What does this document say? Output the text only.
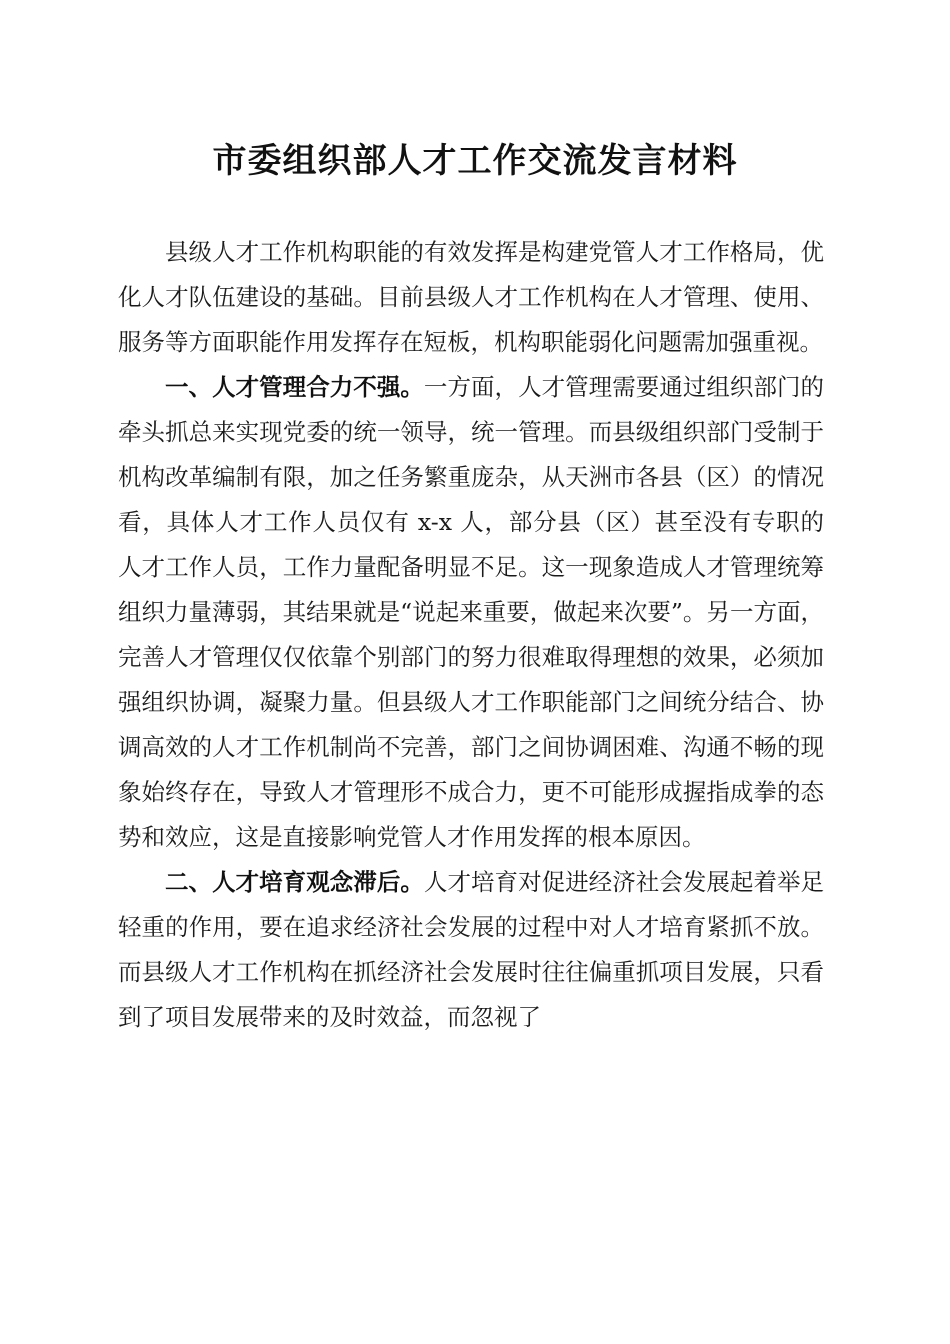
市委组织部人才工作交流发言材料

县级人才工作机构职能的有效发挥是构建党管人才工作格局，优化人才队伍建设的基础。目前县级人才工作机构在人才管理、使用、服务等方面职能作用发挥存在短板，机构职能弱化问题需加强重视。

一、人才管理合力不强。一方面，人才管理需要通过组织部门的牵头抓总来实现党委的统一领导，统一管理。而县级组织部门受制于机构改革编制有限，加之任务繁重庞杂，从天洲市各县（区）的情况看，具体人才工作人员仅有 x-x 人，部分县（区）甚至没有专职的人才工作人员，工作力量配备明显不足。这一现象造成人才管理统筹组织力量薄弱，其结果就是“说起来重要，做起来次要”。另一方面，完善人才管理仅仅依靠个别部门的努力很难取得理想的效果，必须加强组织协调，凝聚力量。但县级人才工作职能部门之间统分结合、协调高效的人才工作机制尚不完善，部门之间协调困难、沟通不畅的现象始终存在，导致人才管理形不成合力，更不可能形成握指成拳的态势和效应，这是直接影响党管人才作用发挥的根本原因。

二、人才培育观念滞后。人才培育对促进经济社会发展起着举足轻重的作用，要在追求经济社会发展的过程中对人才培育紧抓不放。而县级人才工作机构在抓经济社会发展时往往偏重抓项目发展，只看到了项目发展带来的及时效益，而忽视了
